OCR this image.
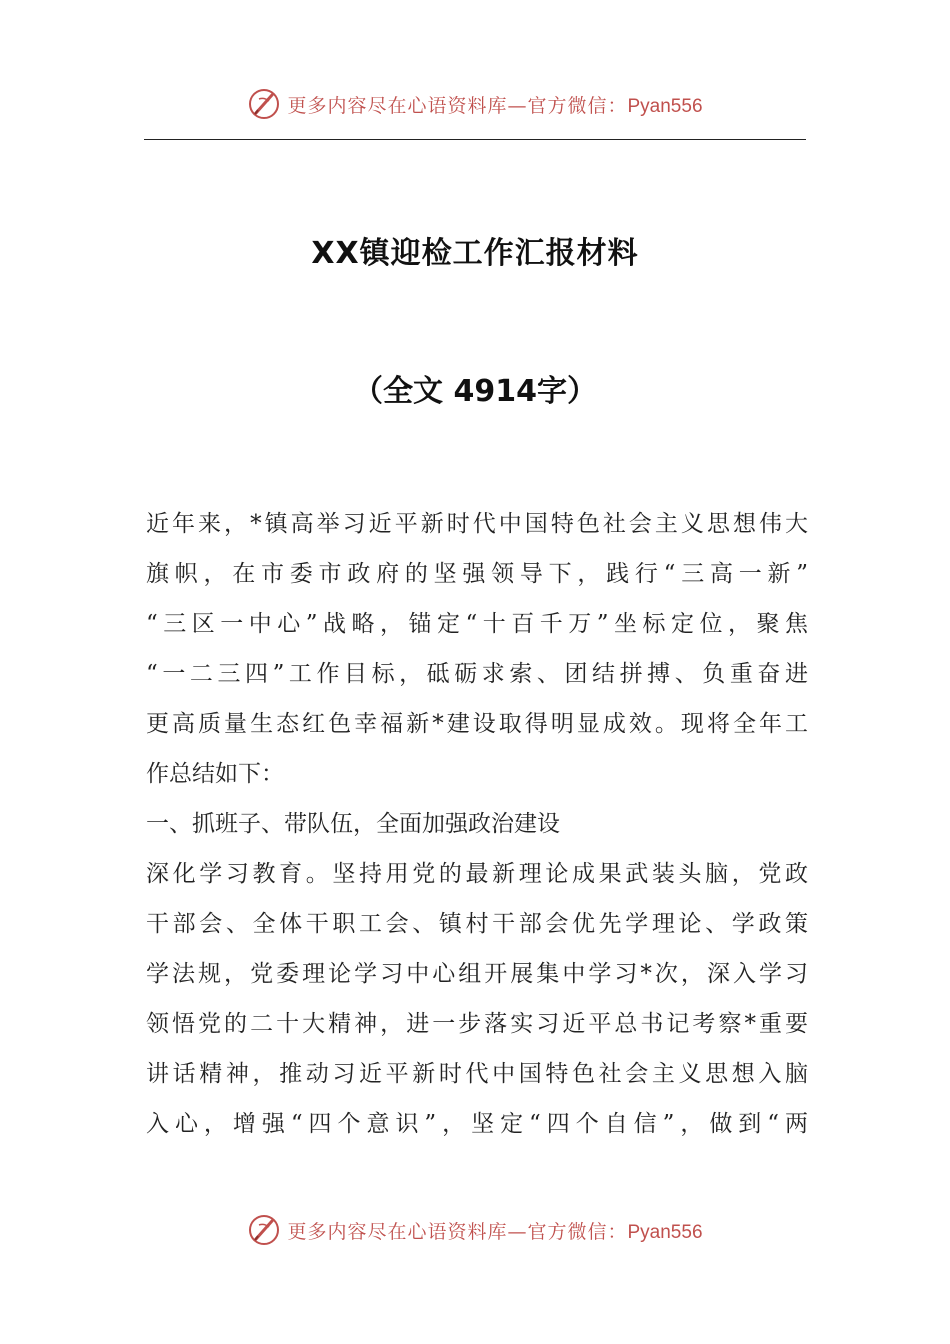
更多内容尽在心语资料库—官方微信：Pyan556
XX镇迎检工作汇报材料
（全文 4914字）
近年来，*镇高举习近平新时代中国特色社会主义思想伟大
旗帜，在市委市政府的坚强领导下，践行“三高一新”
“三区一中心”战略，锚定“十百千万”坐标定位，聚焦
“一二三四”工作目标，砥砺求索、团结拼搏、负重奋进
更高质量生态红色幸福新*建设取得明显成效。现将全年工
作总结如下：
一、抓班子、带队伍，全面加强政治建设
深化学习教育。坚持用党的最新理论成果武装头脑，党政
干部会、全体干职工会、镇村干部会优先学理论、学政策
学法规，党委理论学习中心组开展集中学习*次，深入学习
领悟党的二十大精神，进一步落实习近平总书记考察*重要
讲话精神，推动习近平新时代中国特色社会主义思想入脑
入心，增强“四个意识”，坚定“四个自信”，做到“两
更多内容尽在心语资料库—官方微信：Pyan556
